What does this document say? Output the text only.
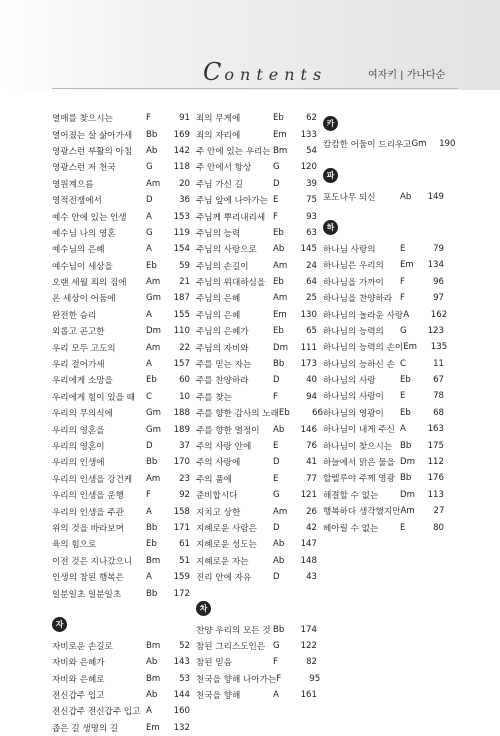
Contents	여자키 | 가나다순
열매를 찾으시는	F	91
열어졌는 살 삶아가세	Bb	169
영광스런 부활의 아침	Ab	142
영광스런 저 천국	G	118
영원계으름	Am	20
영적전쟁에서	D	36
예수 안에 있는 인생	A	153
예수님 나의 영혼	G	119
예수님의 은혜	A	154
예수님이 세상을	Eb	59
오랜 세월 죄의 짐에	Am	21
온 세상이 어둠에	Gm	187
완전한 승리	A	155
외롭고 곤고한	Dm	110
우리 모두 고도의	Am	22
우리 걸어가세	A	157
우리에게 소망을	Eb	60
우리에게 힘이 있을 때	C	10
우리의 무의식에	Gm	188
우리의 영혼을	Gm	189
우리의 영혼이	D	37
우리의 인생에	Bb	170
우리의 인생을 강건케	Am	23
우리의 인생을 운행	F	92
우리의 인생을 주관	A	158
위의 것을 바라보며	Bb	171
육의 힘으로	Eb	61
이전 것은 지나갔으니	Bm	51
인생의 참된 행복은	A	159
일분일초 일분일초	Bb	172
자
자비로운 손길로	Bm	52
자비와 은혜가	Ab	143
자비와 은혜로	Bm	53
전신갑주 입고	Ab	144
전신갑주 전신갑주 입고 A	160
좁은 길 생명의 길	Em	132
죄의 무게에	Eb	62
죄의 자리에	Em	133
주 안에 있는 우리는 Bm	54
주 안에서 항상	G	120
주님 가신 길	D	39
주님 앞에 나아가는 E	75
주님께 뿌리내리세 F	93
주님의 능력	Eb	63
주님의 사랑으로	Ab	145
주님의 손길이	Am	24
주님의 위대하심을 Eb	64
주님의 은혜	Am	25
주님의 은혜	Em	130
주님의 은혜가	Eb	65
주님의 자비와	Dm	111
주를 믿는 자는	Bb	173
주를 찬양하라	D	40
주를 찾는	F	94
주를 향한 감사의 노래 Eb	66
주를 향한 열정이	Ab	146
주의 사랑 안에	E	76
주의 사랑에	D	41
주의 품에	E	77
준비합시다	G	121
지치고 상한	Am	26
지혜로운 사람은	D	42
지혜로운 성도는	Ab	147
지혜로운 자는	Ab	148
진리 안에 자유	D	43
차
찬양 우리의 모든 것 Bb	174
참된 그리스도인은 G	122
참된 믿음	F	82
천국을 향해 나아가는 F	95
천국을 향해	A	161
카
캄캄한 어둠이 드리우고 Gm	190
파
포도나무 되신	Ab	149
하
하나님 사랑의	E	79
하나님은 우리의	Em	134
하나님을 가까이	F	96
하나님을 찬양하라 F	97
하나님의 놀라운 사랑 A	162
하나님의 능력의	G	123
하나님의 능력의 손이 Em	135
하나님의 능하신 손 C	11
하나님의 사랑	Eb	67
하나님의 사랑이	E	78
하나님의 영광이	Eb	68
하나님이 내게 주신 A	163
하나님이 찾으시는 Bb	175
하늘에서 맑은 물을 Dm	112
할렐루야 주께 영광 Bb	176
해결할 수 없는	Dm	113
행복하다 생각했지만 Am	27
헤아릴 수 없는	E	80
